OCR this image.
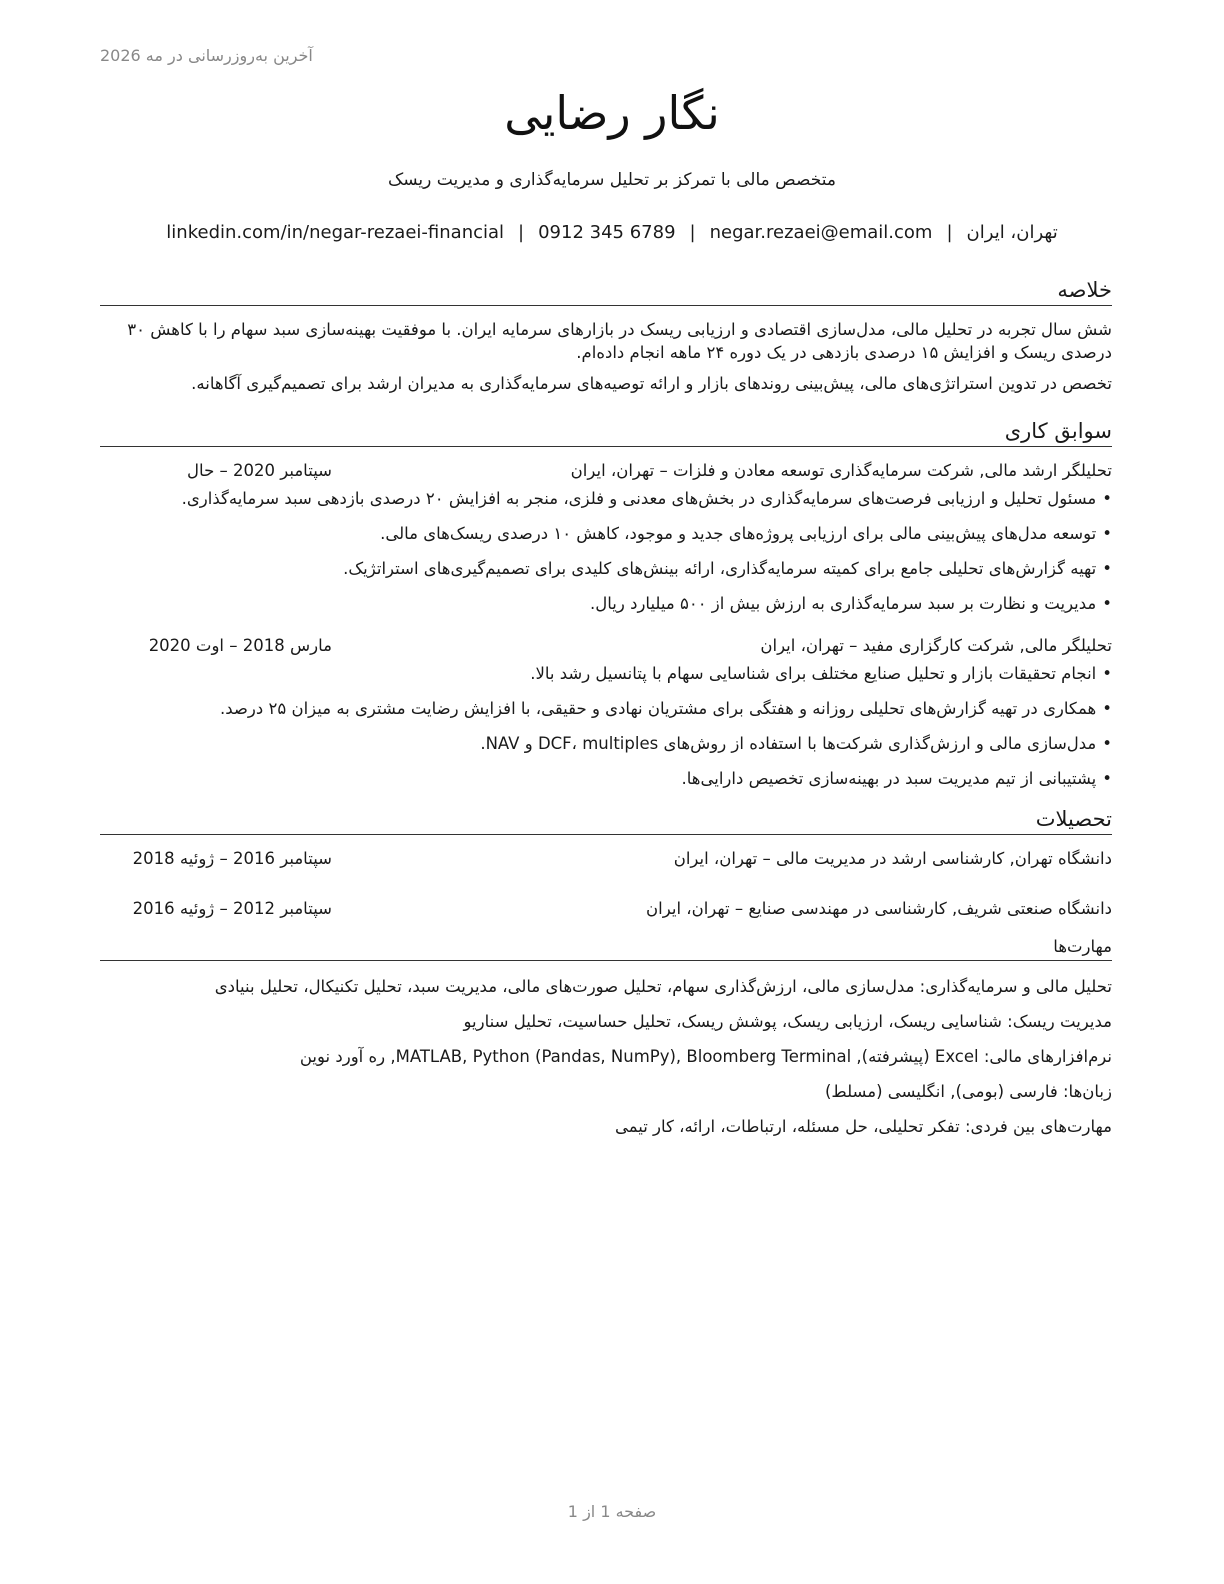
آخرین به‌روزرسانی در مه 2026
نگار رضایی
متخصص مالی با تمرکز بر تحلیل سرمایه‌گذاری و مدیریت ریسک
تهران، ایران|negar.rezaei@email.com|0912 345 6789|linkedin.com/in/negar-rezaei-financial
خلاصه

شش سال تجربه در تحلیل مالی، مدل‌سازی اقتصادی و ارزیابی ریسک در بازارهای سرمایه ایران. با موفقیت بهینه‌سازی سبد سهام را با کاهش ۳۰ درصدی ریسک و افزایش ۱۵ درصدی بازدهی در یک دوره ۲۴ ماهه انجام داده‌ام.

تخصص در تدوین استراتژی‌های مالی، پیش‌بینی روندهای بازار و ارائه توصیه‌های سرمایه‌گذاری به مدیران ارشد برای تصمیم‌گیری آگاهانه.

سوابق کاری
تحلیلگر ارشد مالی, شرکت سرمایه‌گذاری توسعه معادن و فلزات – تهران، ایران
سپتامبر 2020 – حال
• مسئول تحلیل و ارزیابی فرصت‌های سرمایه‌گذاری در بخش‌های معدنی و فلزی، منجر به افزایش ۲۰ درصدی بازدهی سبد سرمایه‌گذاری.
• توسعه مدل‌های پیش‌بینی مالی برای ارزیابی پروژه‌های جدید و موجود، کاهش ۱۰ درصدی ریسک‌های مالی.
• تهیه گزارش‌های تحلیلی جامع برای کمیته سرمایه‌گذاری، ارائه بینش‌های کلیدی برای تصمیم‌گیری‌های استراتژیک.
• مدیریت و نظارت بر سبد سرمایه‌گذاری به ارزش بیش از ۵۰۰ میلیارد ریال.
تحلیلگر مالی, شرکت کارگزاری مفید – تهران، ایران
مارس 2018 – اوت 2020
• انجام تحقیقات بازار و تحلیل صنایع مختلف برای شناسایی سهام با پتانسیل رشد بالا.
• همکاری در تهیه گزارش‌های تحلیلی روزانه و هفتگی برای مشتریان نهادی و حقیقی، با افزایش رضایت مشتری به میزان ۲۵ درصد.
• مدل‌سازی مالی و ارزش‌گذاری شرکت‌ها با استفاده از روش‌های DCF، multiples و NAV.
• پشتیبانی از تیم مدیریت سبد در بهینه‌سازی تخصیص دارایی‌ها.
تحصیلات
دانشگاه تهران, کارشناسی ارشد در مدیریت مالی – تهران، ایران
سپتامبر 2016 – ژوئیه 2018
دانشگاه صنعتی شریف, کارشناسی در مهندسی صنایع – تهران، ایران
سپتامبر 2012 – ژوئیه 2016
مهارت‌ها
تحلیل مالی و سرمایه‌گذاری: مدل‌سازی مالی، ارزش‌گذاری سهام، تحلیل صورت‌های مالی، مدیریت سبد، تحلیل تکنیکال، تحلیل بنیادی
مدیریت ریسک: شناسایی ریسک، ارزیابی ریسک، پوشش ریسک، تحلیل حساسیت، تحلیل سناریو
نرم‌افزارهای مالی: Excel (پیشرفته), MATLAB, Python (Pandas, NumPy), Bloomberg Terminal, ره آورد نوین
زبان‌ها: فارسی (بومی), انگلیسی (مسلط)
مهارت‌های بین فردی: تفکر تحلیلی، حل مسئله، ارتباطات، ارائه، کار تیمی
صفحه 1 از 1
